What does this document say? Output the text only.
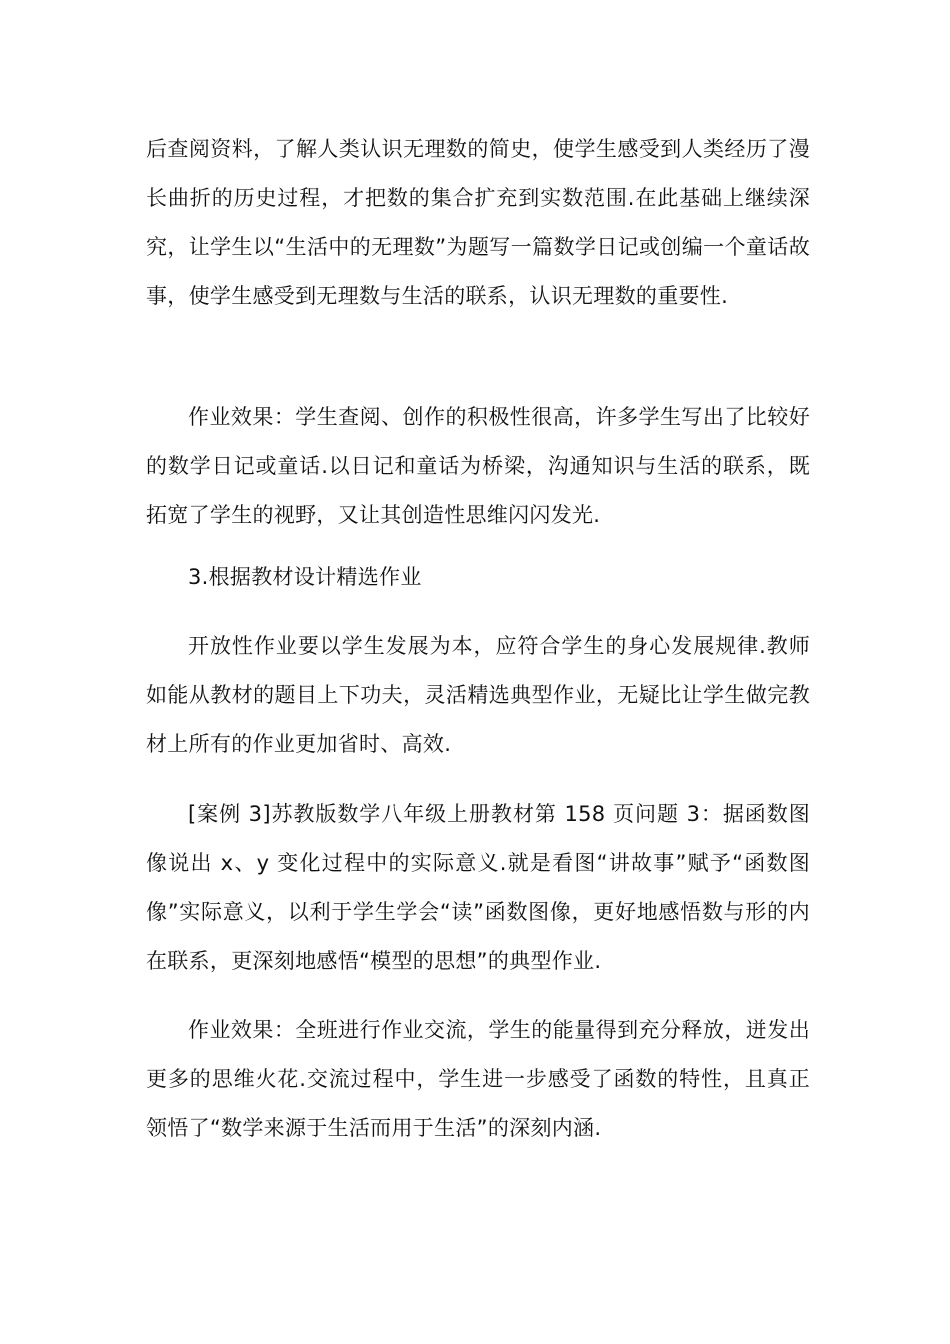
后查阅资料，了解人类认识无理数的简史，使学生感受到人类经历了漫长曲折的历史过程，才把数的集合扩充到实数范围.在此基础上继续深究，让学生以“生活中的无理数”为题写一篇数学日记或创编一个童话故事，使学生感受到无理数与生活的联系，认识无理数的重要性.

作业效果：学生查阅、创作的积极性很高，许多学生写出了比较好的数学日记或童话.以日记和童话为桥梁，沟通知识与生活的联系，既拓宽了学生的视野，又让其创造性思维闪闪发光.

3.根据教材设计精选作业

开放性作业要以学生发展为本，应符合学生的身心发展规律.教师如能从教材的题目上下功夫，灵活精选典型作业，无疑比让学生做完教材上所有的作业更加省时、高效.

[案例 3]苏教版数学八年级上册教材第 158 页问题 3：据函数图像说出 x、y 变化过程中的实际意义.就是看图“讲故事”赋予“函数图像”实际意义，以利于学生学会“读”函数图像，更好地感悟数与形的内在联系，更深刻地感悟“模型的思想”的典型作业.

作业效果：全班进行作业交流，学生的能量得到充分释放，迸发出更多的思维火花.交流过程中，学生进一步感受了函数的特性，且真正领悟了“数学来源于生活而用于生活”的深刻内涵.
